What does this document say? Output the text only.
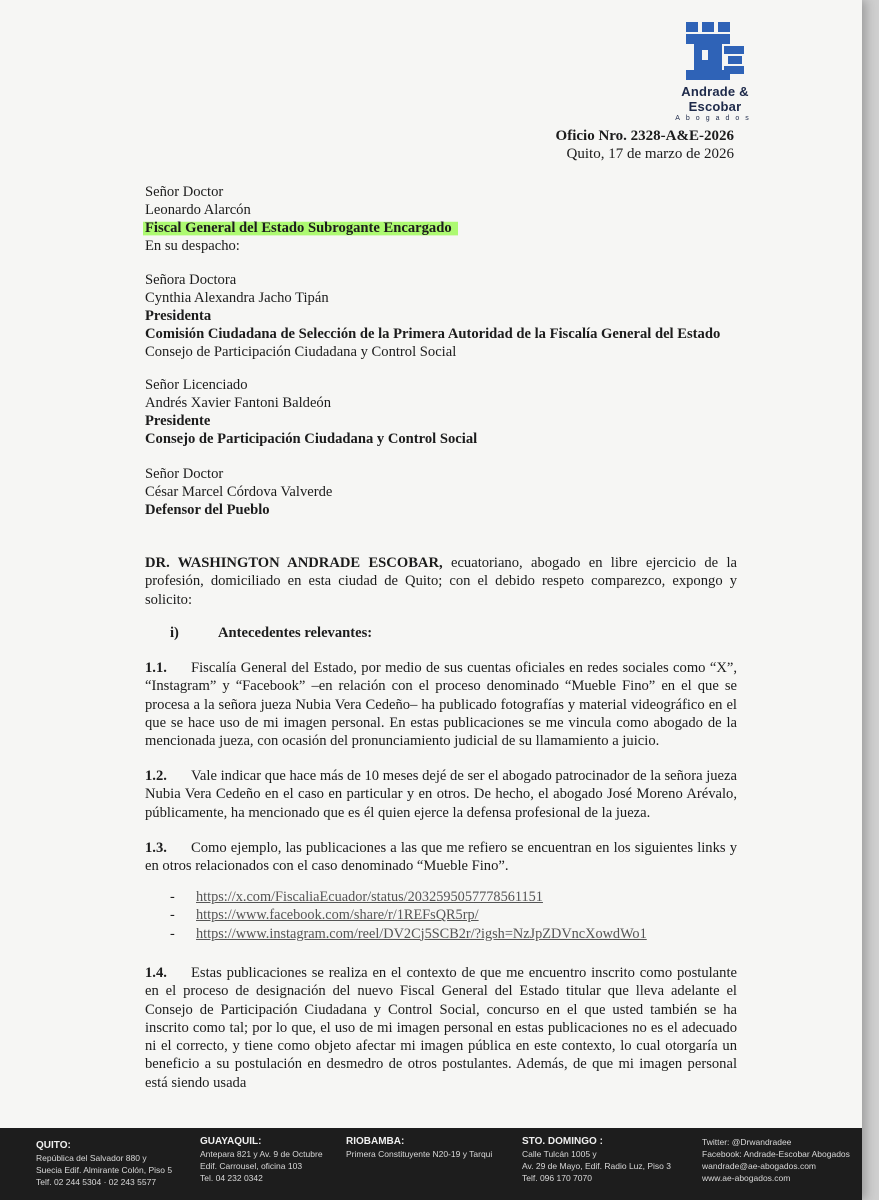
Andrade & Escobar
Abogados
Oficio Nro. 2328-A&E-2026
Quito, 17 de marzo de 2026
Señor Doctor
Leonardo Alarcón
Fiscal General del Estado Subrogante Encargado
En su despacho:
Señora Doctora
Cynthia Alexandra Jacho Tipán
Presidenta
Comisión Ciudadana de Selección de la Primera Autoridad de la Fiscalía General del Estado
Consejo de Participación Ciudadana y Control Social
Señor Licenciado
Andrés Xavier Fantoni Baldeón
Presidente
Consejo de Participación Ciudadana y Control Social
Señor Doctor
César Marcel Córdova Valverde
Defensor del Pueblo

DR. WASHINGTON ANDRADE ESCOBAR, ecuatoriano, abogado en libre ejercicio de la profesión, domiciliado en esta ciudad de Quito; con el debido respeto comparezco, expongo y solicito:

i)	Antecedentes relevantes:

1.1. Fiscalía General del Estado, por medio de sus cuentas oficiales en redes sociales como “X”, “Instagram” y “Facebook” –en relación con el proceso denominado “Mueble Fino” en el que se procesa a la señora jueza Nubia Vera Cedeño– ha publicado fotografías y material videográfico en el que se hace uso de mi imagen personal. En estas publicaciones se me vincula como abogado de la mencionada jueza, con ocasión del pronunciamiento judicial de su llamamiento a juicio.

1.2. Vale indicar que hace más de 10 meses dejé de ser el abogado patrocinador de la señora jueza Nubia Vera Cedeño en el caso en particular y en otros. De hecho, el abogado José Moreno Arévalo, públicamente, ha mencionado que es él quien ejerce la defensa profesional de la jueza.

1.3. Como ejemplo, las publicaciones a las que me refiero se encuentran en los siguientes links y en otros relacionados con el caso denominado “Mueble Fino”.

- https://x.com/FiscaliaEcuador/status/2032595057778561151
- https://www.facebook.com/share/r/1REFsQR5rp/
- https://www.instagram.com/reel/DV2Cj5SCB2r/?igsh=NzJpZDVncXowdWo1

1.4. Estas publicaciones se realiza en el contexto de que me encuentro inscrito como postulante en el proceso de designación del nuevo Fiscal General del Estado titular que lleva adelante el Consejo de Participación Ciudadana y Control Social, concurso en el que usted también se ha inscrito como tal; por lo que, el uso de mi imagen personal en estas publicaciones no es el adecuado ni el correcto, y tiene como objeto afectar mi imagen pública en este contexto, lo cual otorgaría un beneficio a su postulación en desmedro de otros postulantes. Además, de que mi imagen personal está siendo usada

QUITO:
República del Salvador 880 y
Suecia Edif. Almirante Colón, Piso 5
Telf. 02 244 5304 · 02 243 5577
GUAYAQUIL:
Antepara 821 y Av. 9 de Octubre
Edif. Carrousel, oficina 103
Tel. 04 232 0342
RIOBAMBA:
Primera Constituyente N20-19 y Tarqui
STO. DOMINGO :
Calle Tulcán 1005 y
Av. 29 de Mayo, Edif. Radio Luz, Piso 3
Telf. 096 170 7070
Twitter: @Drwandradee
Facebook: Andrade-Escobar Abogados
wandrade@ae-abogados.com
www.ae-abogados.com
